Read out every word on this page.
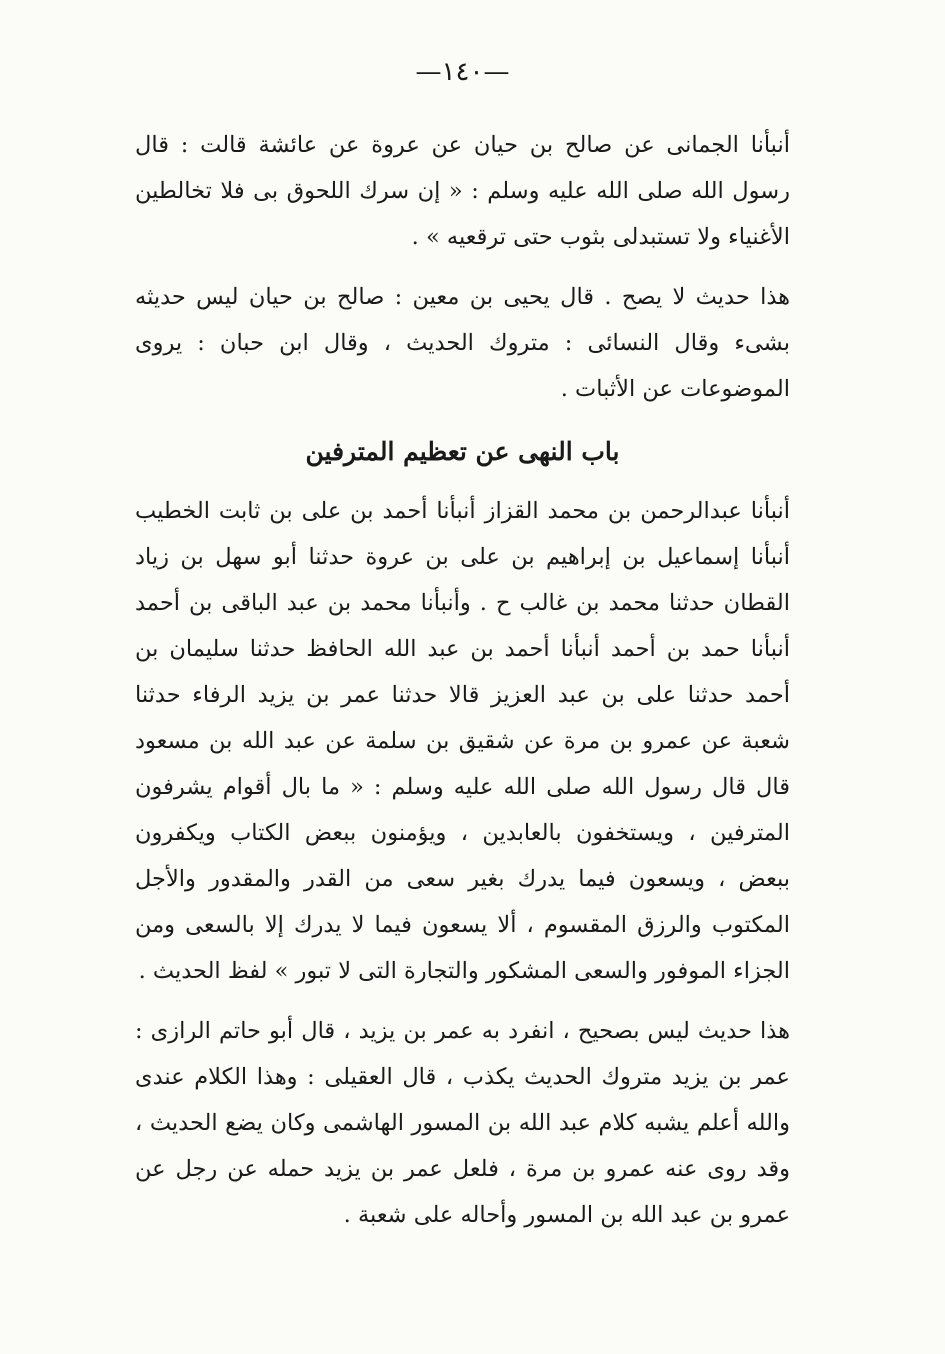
—١٤٠—

أنبأنا الجمانى عن صالح بن حيان عن عروة عن عائشة قالت : قال رسول الله صلى الله عليه وسلم : « إن سرك اللحوق بى فلا تخالطين الأغنياء ولا تستبدلى بثوب حتى ترقعيه » .

هذا حديث لا يصح . قال يحيى بن معين : صالح بن حيان ليس حديثه بشىء وقال النسائى : متروك الحديث ، وقال ابن حبان : يروى الموضوعات عن الأثبات .

باب النهى عن تعظيم المترفين

أنبأنا عبدالرحمن بن محمد القزاز أنبأنا أحمد بن على بن ثابت الخطيب أنبأنا إسماعيل بن إبراهيم بن على بن عروة حدثنا أبو سهل بن زياد القطان حدثنا محمد بن غالب ح . وأنبأنا محمد بن عبد الباقى بن أحمد أنبأنا حمد بن أحمد أنبأنا أحمد بن عبد الله الحافظ حدثنا سليمان بن أحمد حدثنا على بن عبد العزيز قالا حدثنا عمر بن يزيد الرفاء حدثنا شعبة عن عمرو بن مرة عن شقيق بن سلمة عن عبد الله بن مسعود قال قال رسول الله صلى الله عليه وسلم : « ما بال أقوام يشرفون المترفين ، ويستخفون بالعابدين ، ويؤمنون ببعض الكتاب ويكفرون ببعض ، ويسعون فيما يدرك بغير سعى من القدر والمقدور والأجل المكتوب والرزق المقسوم ، ألا يسعون فيما لا يدرك إلا بالسعى ومن الجزاء الموفور والسعى المشكور والتجارة التى لا تبور » لفظ الحديث .

هذا حديث ليس بصحيح ، انفرد به عمر بن يزيد ، قال أبو حاتم الرازى : عمر بن يزيد متروك الحديث يكذب ، قال العقيلى : وهذا الكلام عندى والله أعلم يشبه كلام عبد الله بن المسور الهاشمى وكان يضع الحديث ، وقد روى عنه عمرو بن مرة ، فلعل عمر بن يزيد حمله عن رجل عن عمرو بن عبد الله بن المسور وأحاله على شعبة .
